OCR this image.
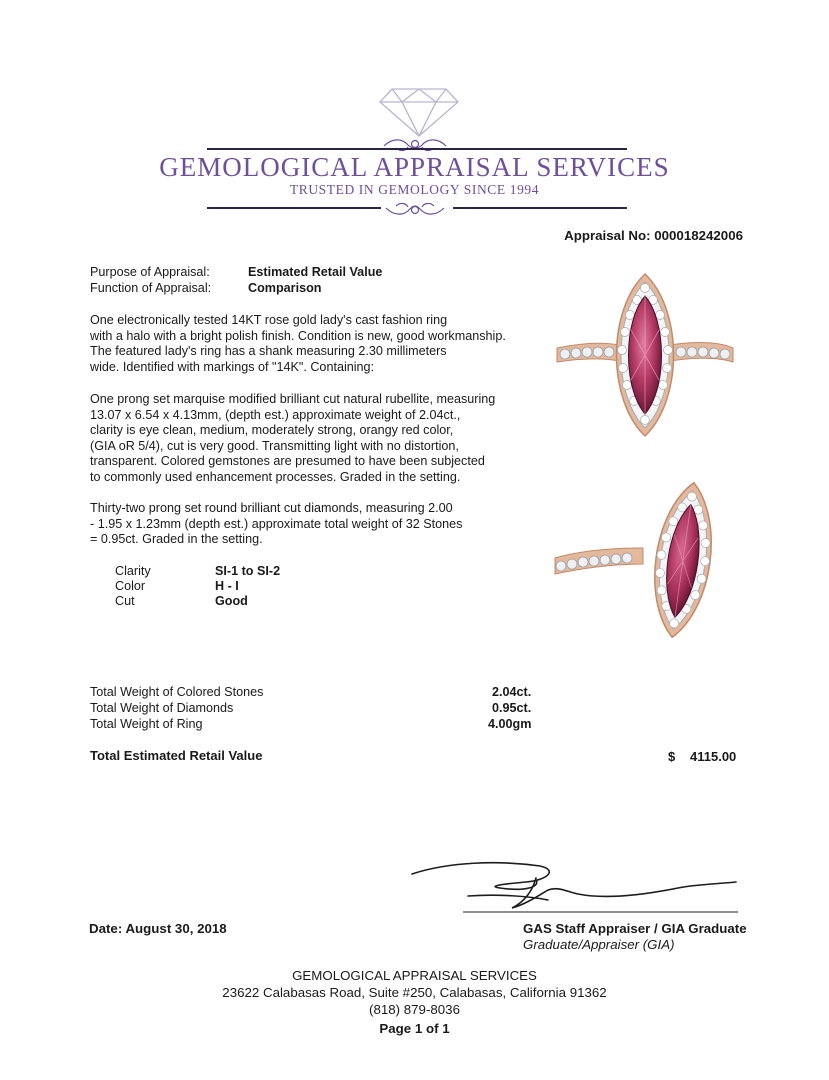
GEMOLOGICAL APPRAISAL SERVICES
TRUSTED IN GEMOLOGY SINCE 1994
Appraisal No: 000018242006
Purpose of Appraisal:	Estimated Retail Value
Function of Appraisal:	Comparison
One electronically tested 14KT rose gold lady's cast fashion ring
with a halo with a bright polish finish. Condition is new, good workmanship.
The featured lady's ring has a shank measuring 2.30 millimeters
wide. Identified with markings of "14K". Containing:
One prong set marquise modified brilliant cut natural rubellite, measuring
13.07 x 6.54 x 4.13mm, (depth est.) approximate weight of 2.04ct.,
clarity is eye clean, medium, moderately strong, orangy red color,
(GIA oR 5/4), cut is very good. Transmitting light with no distortion,
transparent. Colored gemstones are presumed to have been subjected
to commonly used enhancement processes. Graded in the setting.
Thirty-two prong set round brilliant cut diamonds, measuring 2.00
- 1.95 x 1.23mm (depth est.) approximate total weight of 32 Stones
= 0.95ct. Graded in the setting.
Clarity	SI-1 to SI-2
Color	H - I
Cut	Good
Total Weight of Colored Stones	2.04ct.
Total Weight of Diamonds	0.95ct.
Total Weight of Ring	4.00gm
Total Estimated Retail Value	$ 4115.00
Date: August 30, 2018	GAS Staff Appraiser / GIA Graduate
Graduate/Appraiser (GIA)
GEMOLOGICAL APPRAISAL SERVICES
23622 Calabasas Road, Suite #250, Calabasas, California 91362
(818) 879-8036
Page 1 of 1
